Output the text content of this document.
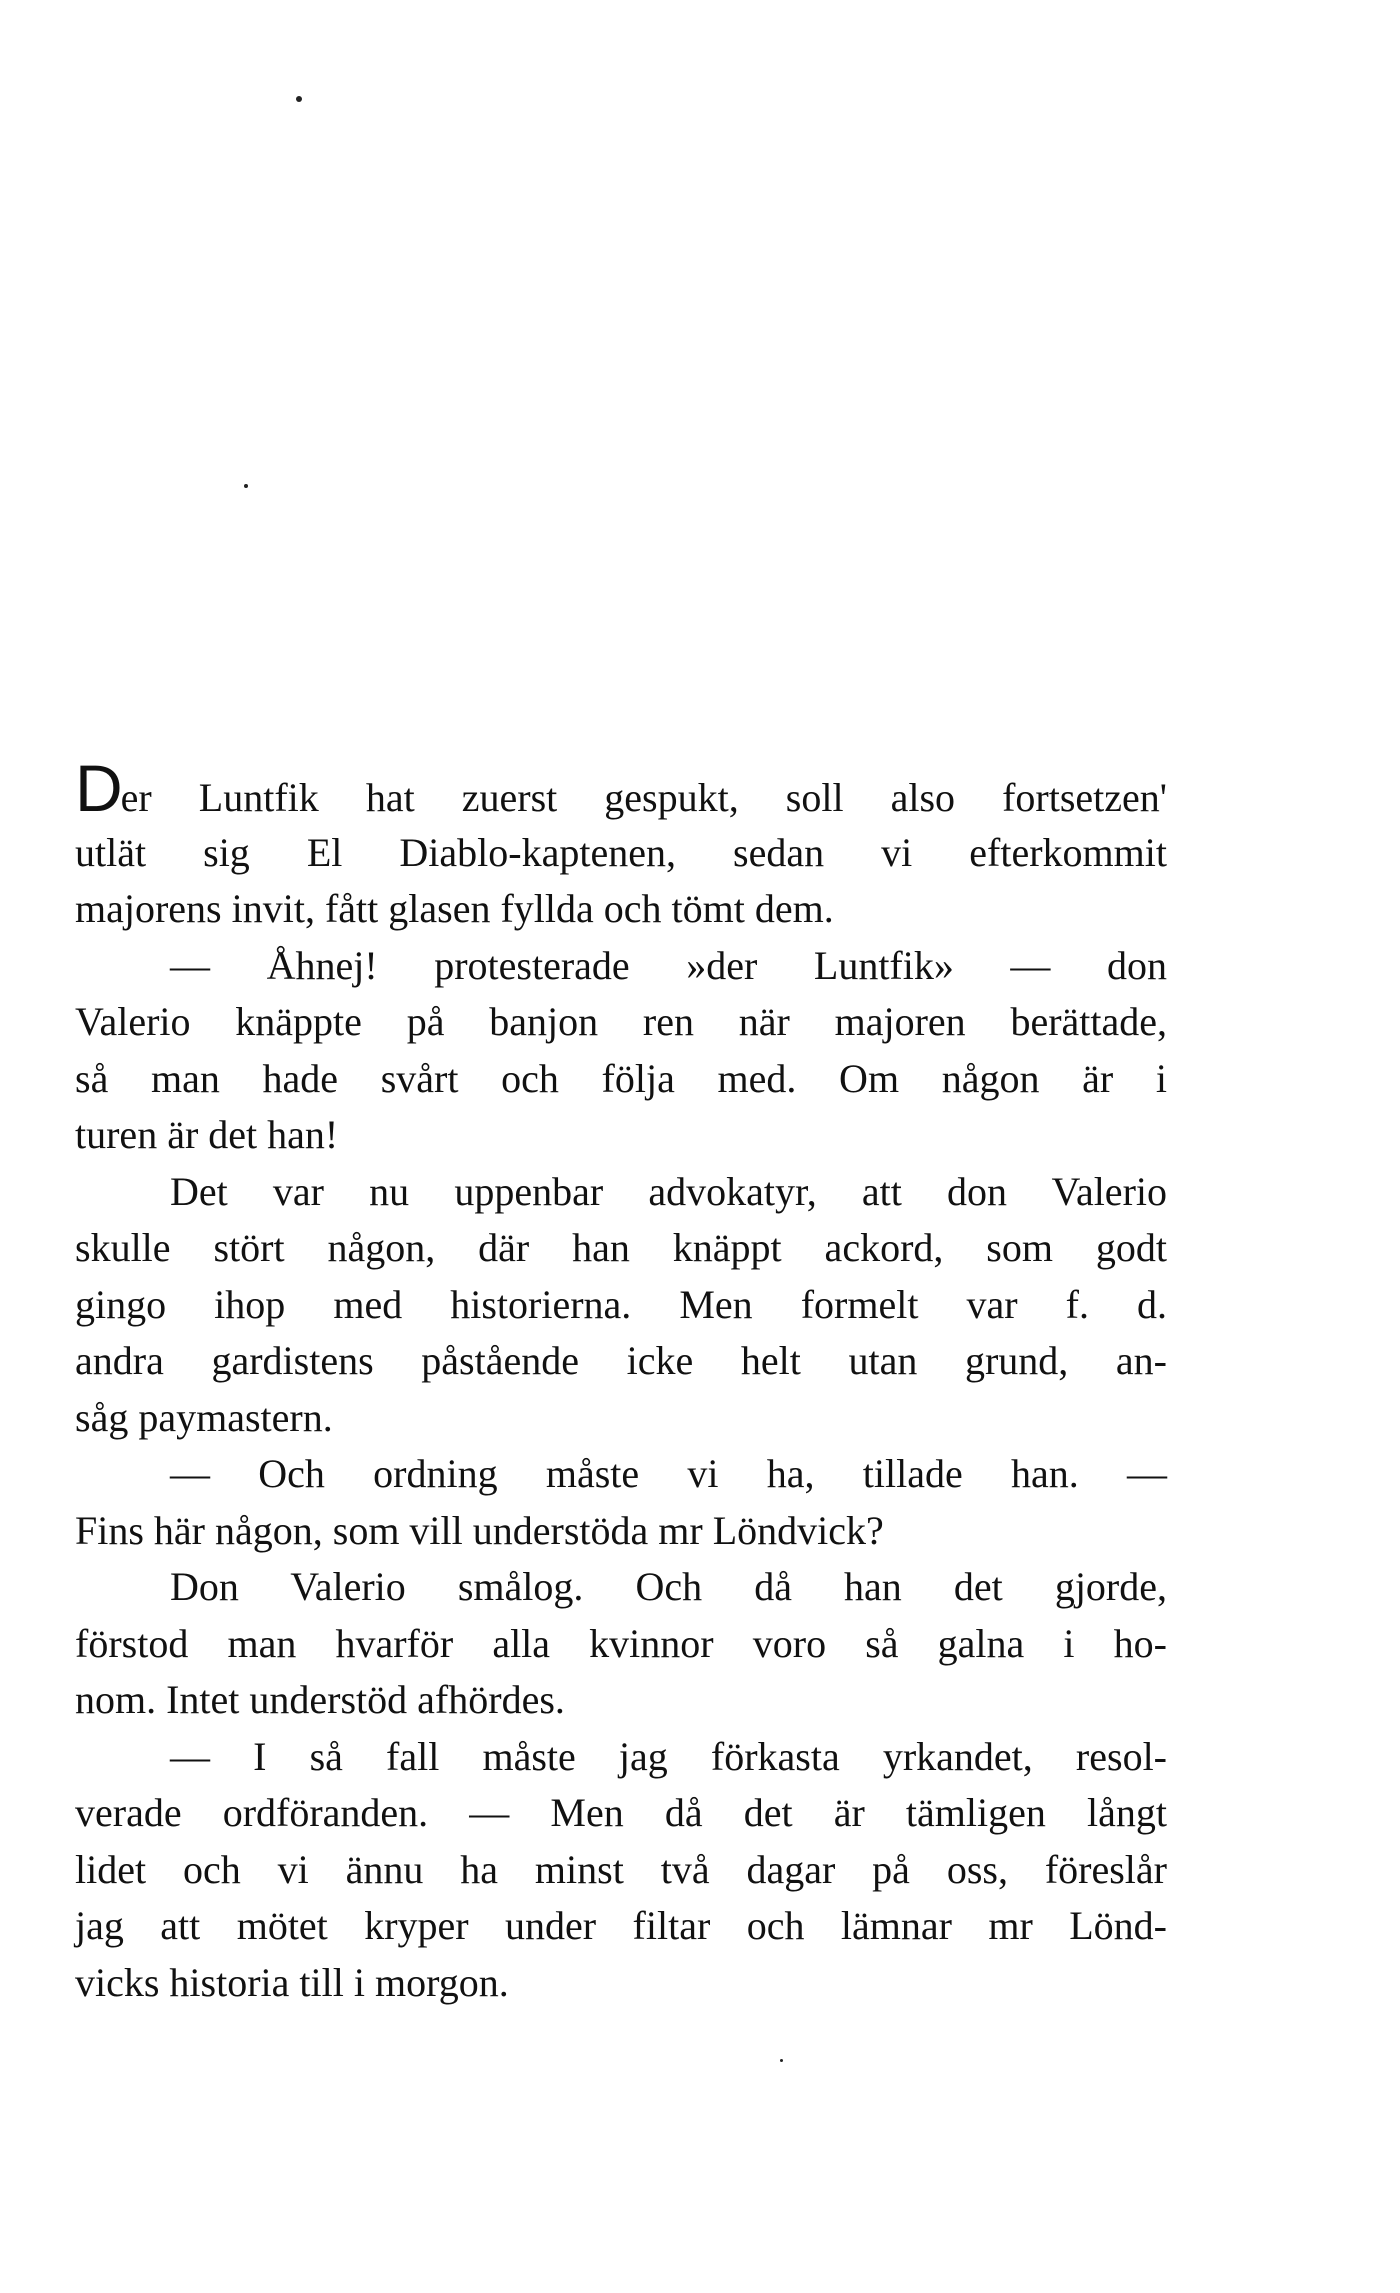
Der Luntfik hat zuerst gespukt, soll also fortsetzen'
utlät sig El Diablo-kaptenen, sedan vi efterkommit
majorens invit, fått glasen fyllda och tömt dem.
— Åhnej! protesterade »der Luntfik» — don
Valerio knäppte på banjon ren när majoren berättade,
så man hade svårt och följa med. Om någon är i
turen är det han!
Det var nu uppenbar advokatyr, att don Valerio
skulle stört någon, där han knäppt ackord, som godt
gingo ihop med historierna. Men formelt var f. d.
andra gardistens påstående icke helt utan grund, an-
såg paymastern.
— Och ordning måste vi ha, tillade han. —
Fins här någon, som vill understöda mr Löndvick?
Don Valerio smålog. Och då han det gjorde,
förstod man hvarför alla kvinnor voro så galna i ho-
nom. Intet understöd afhördes.
— I så fall måste jag förkasta yrkandet, resol-
verade ordföranden. — Men då det är tämligen långt
lidet och vi ännu ha minst två dagar på oss, föreslår
jag att mötet kryper under filtar och lämnar mr Lönd-
vicks historia till i morgon.
